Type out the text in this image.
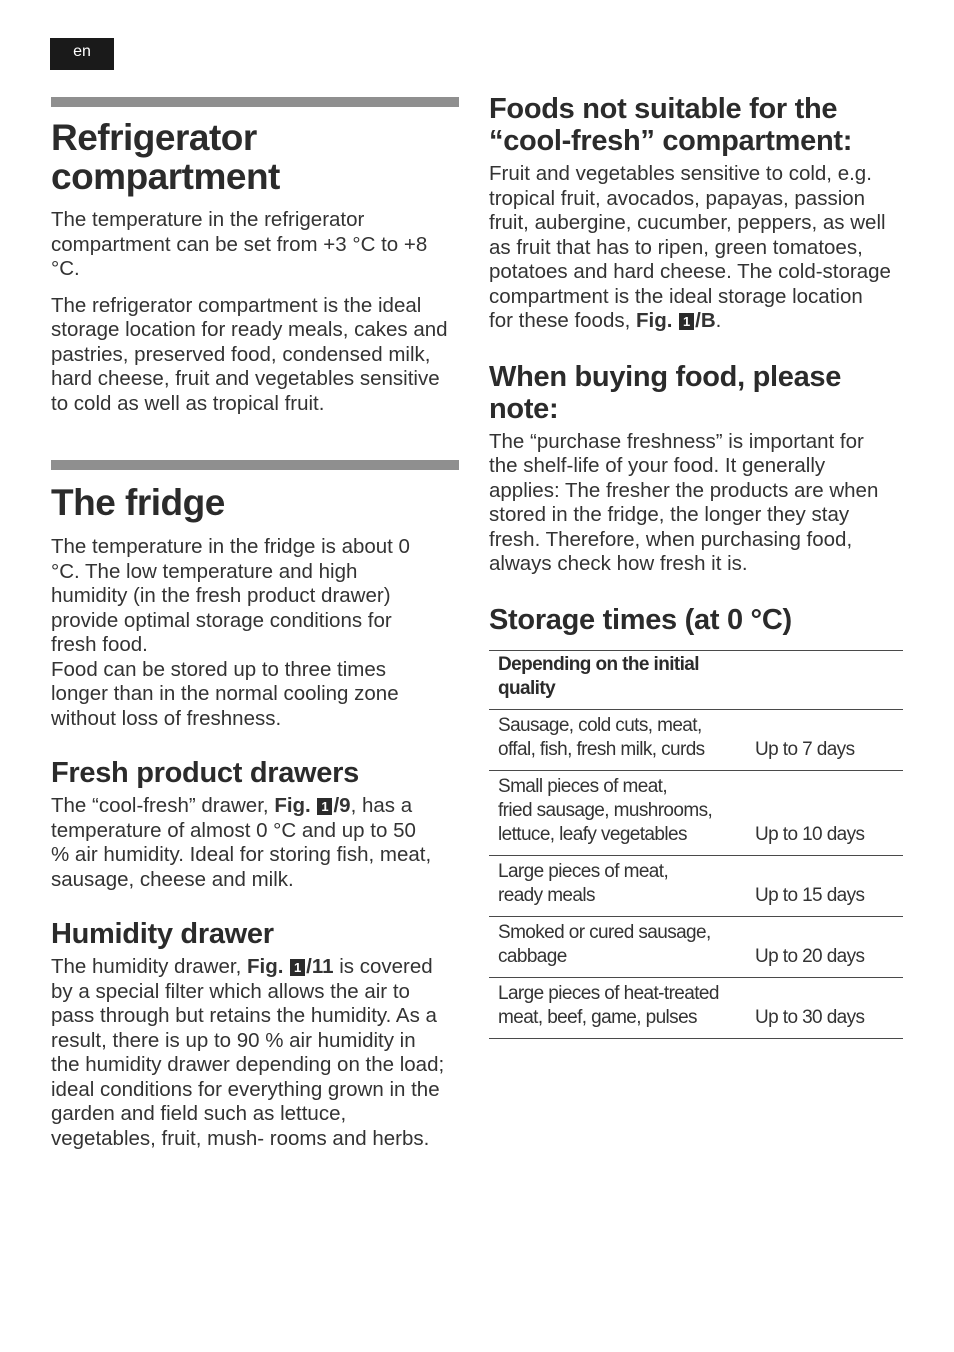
en
Refrigerator compartment

The temperature in the refrigerator compartment can be set from +3 °C to +8 °C.

The refrigerator compartment is the ideal storage location for ready meals, cakes and pastries, preserved food, condensed milk, hard cheese, fruit and vegetables sensitive to cold as well as tropical fruit.

The fridge

The temperature in the fridge is about 0 °C. The low temperature and high humidity (in the fresh product drawer) provide optimal storage conditions for fresh food.

Food can be stored up to three times longer than in the normal cooling zone without loss of freshness.

Fresh product drawers

The “cool-fresh” drawer, Fig. 1 /9, has a temperature of almost 0 °C and up to 50 % air humidity. Ideal for storing fish, meat, sausage, cheese and milk.

Humidity drawer

The humidity drawer, Fig. 1 /11 is covered by a special filter which allows the air to pass through but retains the humidity. As a result, there is up to 90 % air humidity in the humidity drawer depending on the load; ideal conditions for everything grown in the garden and field such as lettuce, vegetables, fruit, mush- rooms and herbs.

Foods not suitable for the “cool-fresh” compartment:

Fruit and vegetables sensitive to cold, e.g. tropical fruit, avocados, papayas, passion fruit, aubergine, cucumber, peppers, as well as fruit that has to ripen, green tomatoes, potatoes and hard cheese. The cold-storage compartment is the ideal storage location for these foods, Fig. 1 /B.

When buying food, please note:

The “purchase freshness” is important for the shelf-life of your food. It generally applies: The fresher the products are when stored in the fridge, the longer they stay fresh. Therefore, when purchasing food, always check how fresh it is.

Storage times (at 0 °C)
Depending on the initial
quality	
Sausage, cold cuts, meat,
offal, fish, fresh milk, curds	Up to 7 days
Small pieces of meat,
fried sausage, mushrooms,
lettuce, leafy vegetables	Up to 10 days
Large pieces of meat,
ready meals	Up to 15 days
Smoked or cured sausage,
cabbage	Up to 20 days
Large pieces of heat-treated
meat, beef, game, pulses	Up to 30 days
